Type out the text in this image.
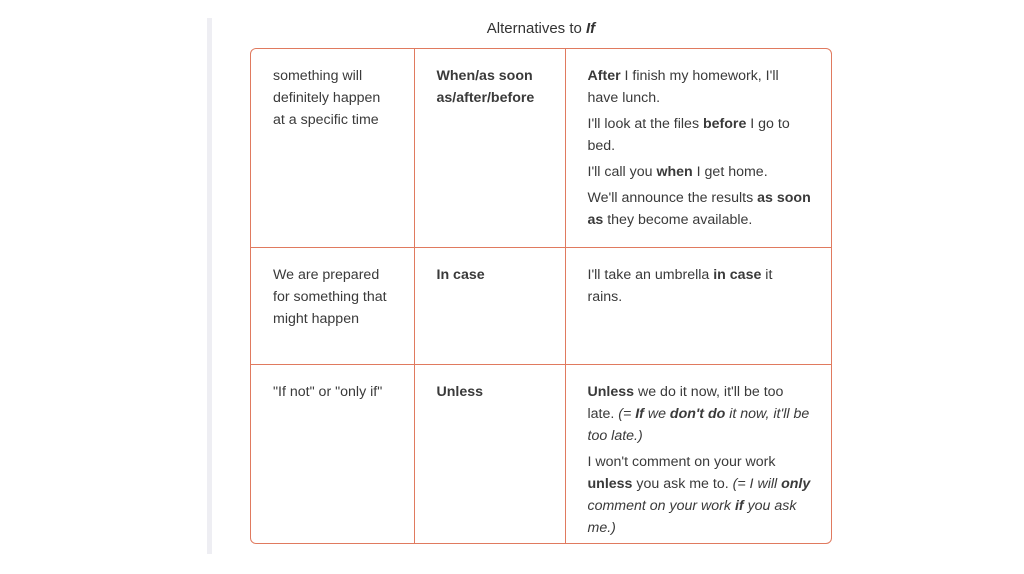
Alternatives to If
something will definitely happen at a specific time	When/as soon as/after/before	After I finish my homework, I'll have lunch.
I'll look at the files before I go to bed.
I'll call you when I get home.
We'll announce the results as soon as they become available.

We are prepared for something that might happen	In case	I'll take an umbrella in case it rains.

"If not" or "only if"	Unless	Unless we do it now, it'll be too late. (= If we don't do it now, it'll be too late.)
I won't comment on your work unless you ask me to. (= I will only comment on your work if you ask me.)
